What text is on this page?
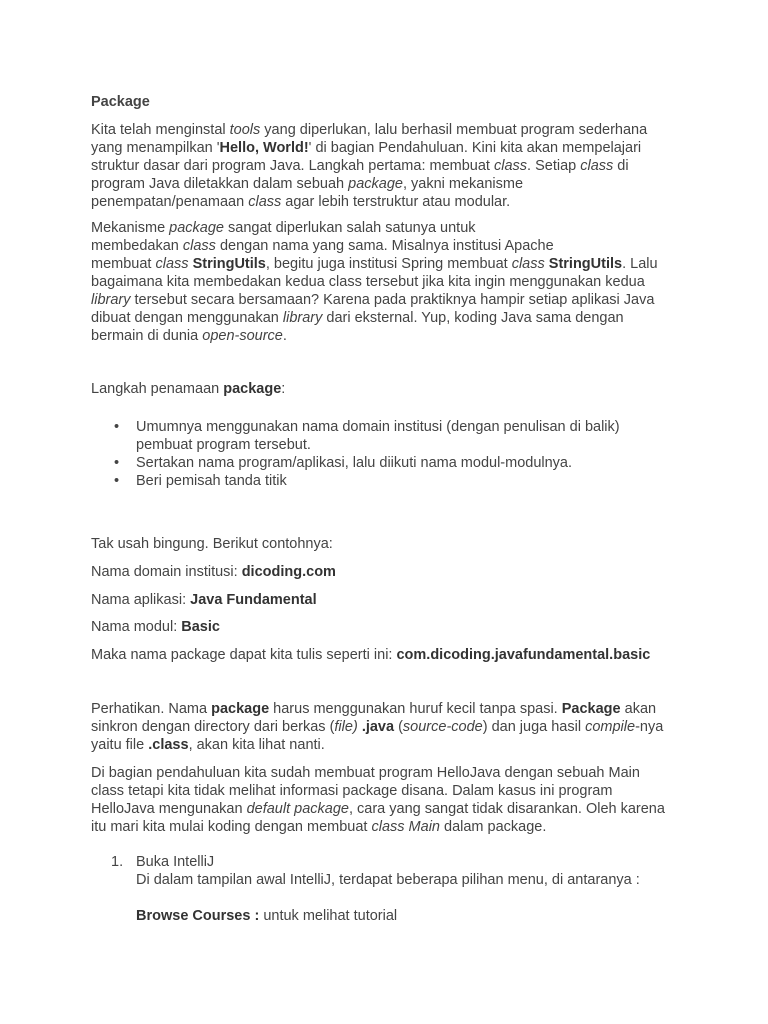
Package

Kita telah menginstal tools yang diperlukan, lalu berhasil membuat program sederhana yang menampilkan 'Hello, World!' di bagian Pendahuluan. Kini kita akan mempelajari struktur dasar dari program Java. Langkah pertama: membuat class. Setiap class di program Java diletakkan dalam sebuah package, yakni mekanisme penempatan/penamaan class agar lebih terstruktur atau modular.

Mekanisme package sangat diperlukan salah satunya untuk
membedakan class dengan nama yang sama. Misalnya institusi Apache
membuat class StringUtils, begitu juga institusi Spring membuat class StringUtils. Lalu bagaimana kita membedakan kedua class tersebut jika kita ingin menggunakan kedua library tersebut secara bersamaan? Karena pada praktiknya hampir setiap aplikasi Java dibuat dengan menggunakan library dari eksternal. Yup, koding Java sama dengan bermain di dunia open-source.

Langkah penamaan package:

• Umumnya menggunakan nama domain institusi (dengan penulisan di balik) pembuat program tersebut.
• Sertakan nama program/aplikasi, lalu diikuti nama modul-modulnya.
• Beri pemisah tanda titik

Tak usah bingung. Berikut contohnya:

Nama domain institusi: dicoding.com

Nama aplikasi: Java Fundamental

Nama modul: Basic

Maka nama package dapat kita tulis seperti ini: com.dicoding.javafundamental.basic

Perhatikan. Nama package harus menggunakan huruf kecil tanpa spasi. Package akan sinkron dengan directory dari berkas (file) .java (source-code) dan juga hasil compile-nya yaitu file .class, akan kita lihat nanti.

Di bagian pendahuluan kita sudah membuat program HelloJava dengan sebuah Main class tetapi kita tidak melihat informasi package disana. Dalam kasus ini program HelloJava mengunakan default package, cara yang sangat tidak disarankan. Oleh karena itu mari kita mulai koding dengan membuat class Main dalam package.

1. Buka IntelliJ
Di dalam tampilan awal IntelliJ, terdapat beberapa pilihan menu, di antaranya :

Browse Courses : untuk melihat tutorial
